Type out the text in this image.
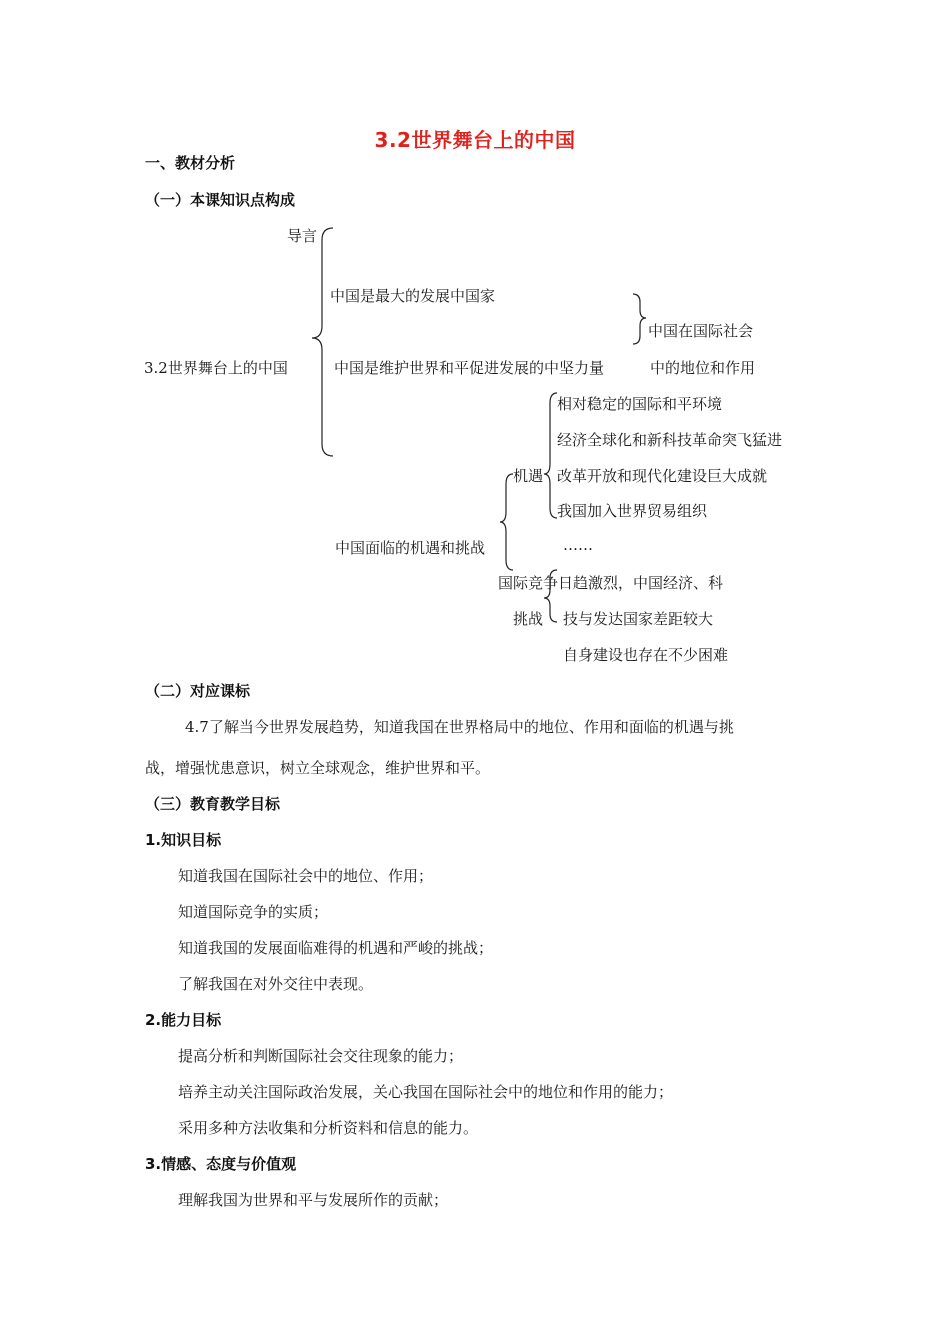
3.2世界舞台上的中国
一、教材分析
（一）本课知识点构成
导言
中国是最大的发展中国家
中国在国际社会
3.2世界舞台上的中国	中国是维护世界和平促进发展的中坚力量	中的地位和作用
相对稳定的国际和平环境
经济全球化和新科技革命突飞猛进
机遇 改革开放和现代化建设巨大成就
我国加入世界贸易组织
中国面临的机遇和挑战	……
国际竞争日趋激烈，中国经济、科
挑战 技与发达国家差距较大
自身建设也存在不少困难
（二）对应课标
4.7了解当今世界发展趋势，知道我国在世界格局中的地位、作用和面临的机遇与挑
战，增强忧患意识，树立全球观念，维护世界和平。
（三）教育教学目标
1.知识目标
知道我国在国际社会中的地位、作用；
知道国际竞争的实质；
知道我国的发展面临难得的机遇和严峻的挑战；
了解我国在对外交往中表现。
2.能力目标
提高分析和判断国际社会交往现象的能力；
培养主动关注国际政治发展，关心我国在国际社会中的地位和作用的能力；
采用多种方法收集和分析资料和信息的能力。
3.情感、态度与价值观
理解我国为世界和平与发展所作的贡献；
